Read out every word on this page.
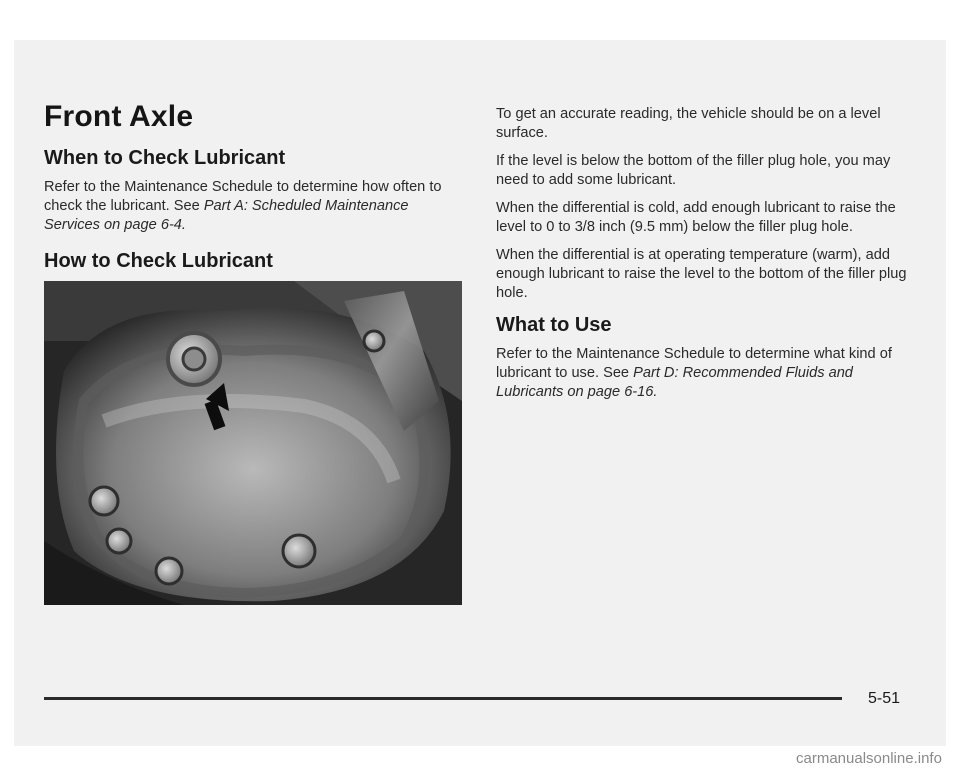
Front Axle
When to Check Lubricant

Refer to the Maintenance Schedule to determine how often to check the lubricant. See Part A: Scheduled Maintenance Services on page 6-4.

How to Check Lubricant

To get an accurate reading, the vehicle should be on a level surface.

If the level is below the bottom of the filler plug hole, you may need to add some lubricant.

When the differential is cold, add enough lubricant to raise the level to 0 to 3/8 inch (9.5 mm) below the filler plug hole.

When the differential is at operating temperature (warm), add enough lubricant to raise the level to the bottom of the filler plug hole.

What to Use

Refer to the Maintenance Schedule to determine what kind of lubricant to use. See Part D: Recommended Fluids and Lubricants on page 6-16.

5-51
carmanualsonline.info
